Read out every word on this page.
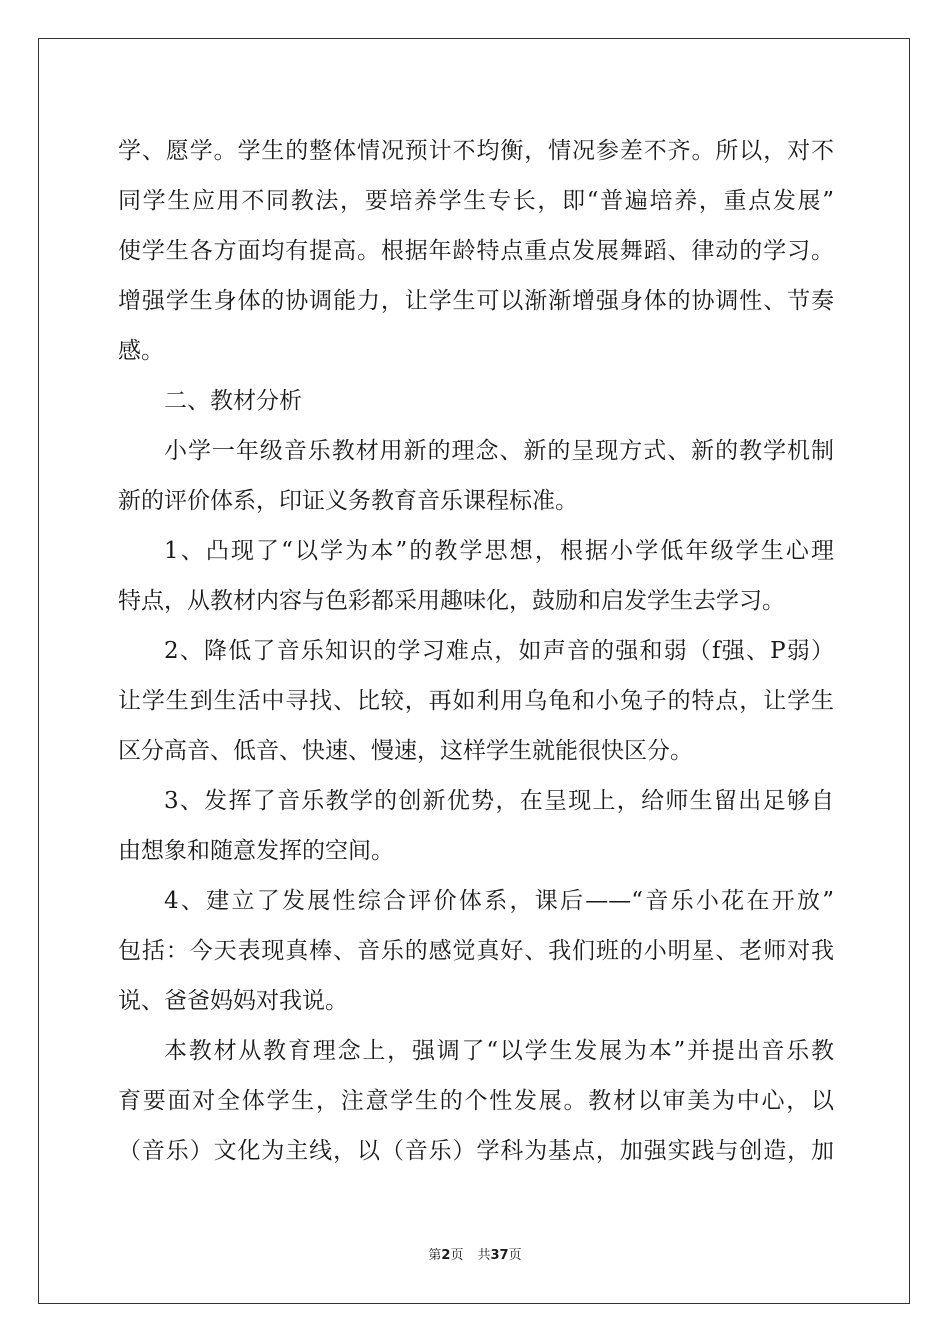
学、愿学。学生的整体情况预计不均衡，情况参差不齐。所以，对不
同学生应用不同教法，要培养学生专长，即“普遍培养，重点发展”
使学生各方面均有提高。根据年龄特点重点发展舞蹈、律动的学习。
增强学生身体的协调能力，让学生可以渐渐增强身体的协调性、节奏
感。
二、教材分析
小学一年级音乐教材用新的理念、新的呈现方式、新的教学机制
新的评价体系，印证义务教育音乐课程标准。
1、凸现了“以学为本”的教学思想，根据小学低年级学生心理
特点，从教材内容与色彩都采用趣味化，鼓励和启发学生去学习。
2、降低了音乐知识的学习难点，如声音的强和弱（f强、P弱）
让学生到生活中寻找、比较，再如利用乌龟和小兔子的特点，让学生
区分高音、低音、快速、慢速，这样学生就能很快区分。
3、发挥了音乐教学的创新优势，在呈现上，给师生留出足够自
由想象和随意发挥的空间。
4、建立了发展性综合评价体系，课后——“音乐小花在开放”
包括：今天表现真棒、音乐的感觉真好、我们班的小明星、老师对我
说、爸爸妈妈对我说。
本教材从教育理念上，强调了“以学生发展为本”并提出音乐教
育要面对全体学生，注意学生的个性发展。教材以审美为中心，以
（音乐）文化为主线，以（音乐）学科为基点，加强实践与创造，加
第2页 共37页
